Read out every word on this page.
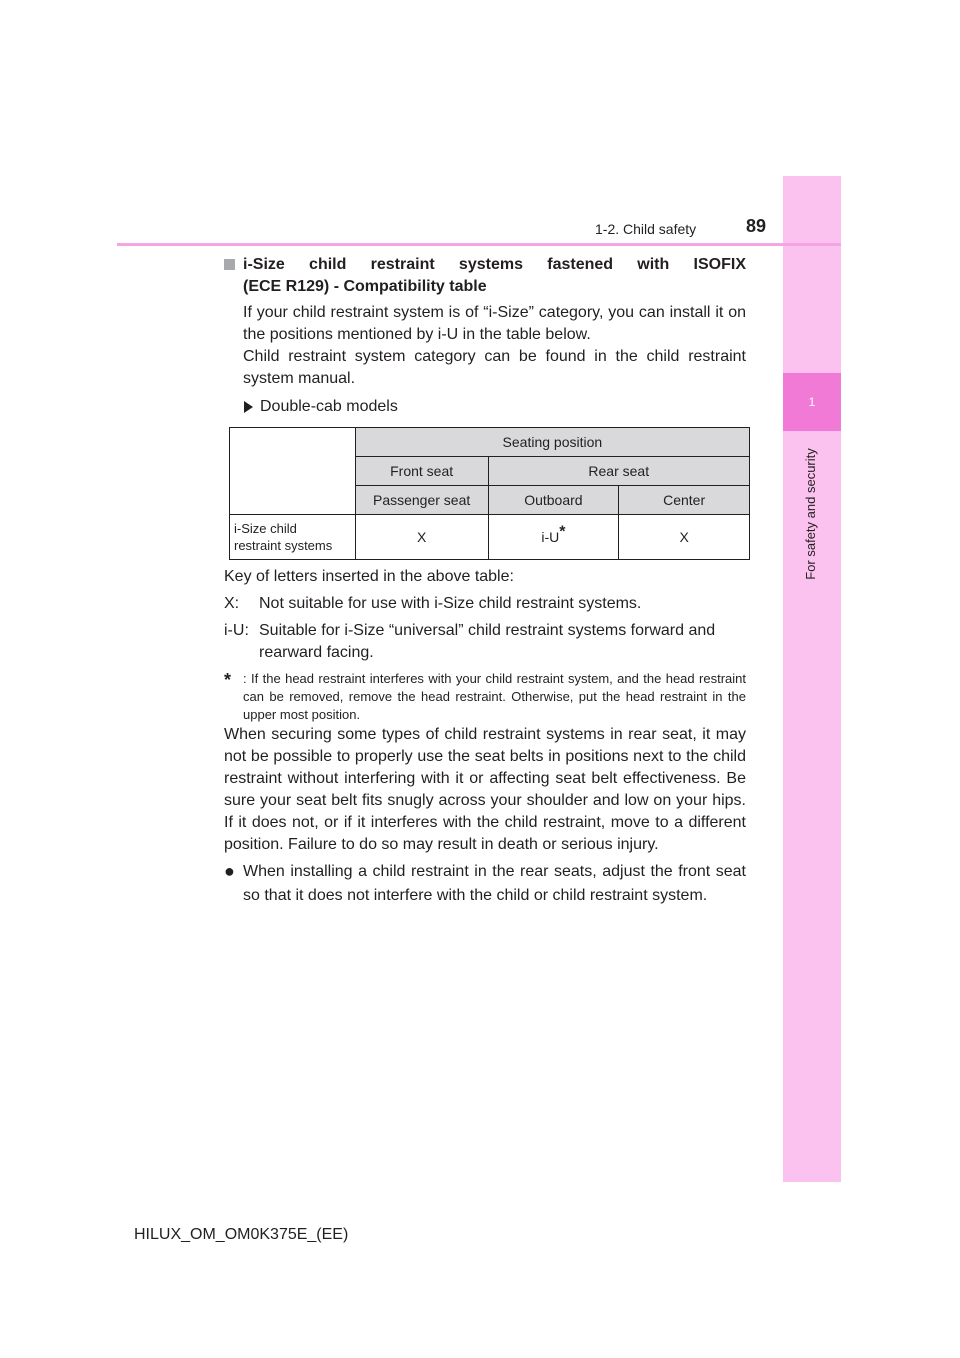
1
For safety and security
1-2. Child safety	89
i-Size child restraint systems fastened with ISOFIX
(ECE R129) - Compatibility table

If your child restraint system is of “i-Size” category, you can install it on the positions mentioned by i-U in the table below.

Child restraint system category can be found in the child restraint system manual.

Double-cab models
	Seating position		
	Front seat	Rear seat	
	Passenger seat	Outboard	Center
i-Size child
restraint systems	X	i-U*	X

Key of letters inserted in the above table:

X:	Not suitable for use with i-Size child restraint systems.
i-U: Suitable for i-Size “universal” child restraint systems forward and rearward facing.
* : If the head restraint interferes with your child restraint system, and the head restraint can be removed, remove the head restraint. Otherwise, put the head restraint in the upper most position.

When securing some types of child restraint systems in rear seat, it may not be possible to properly use the seat belts in positions next to the child restraint without interfering with it or affecting seat belt effectiveness. Be sure your seat belt fits snugly across your shoulder and low on your hips. If it does not, or if it interferes with the child restraint, move to a different position. Failure to do so may result in death or serious injury.

● When installing a child restraint in the rear seats, adjust the front seat so that it does not interfere with the child or child restraint system.
HILUX_OM_OM0K375E_(EE)
